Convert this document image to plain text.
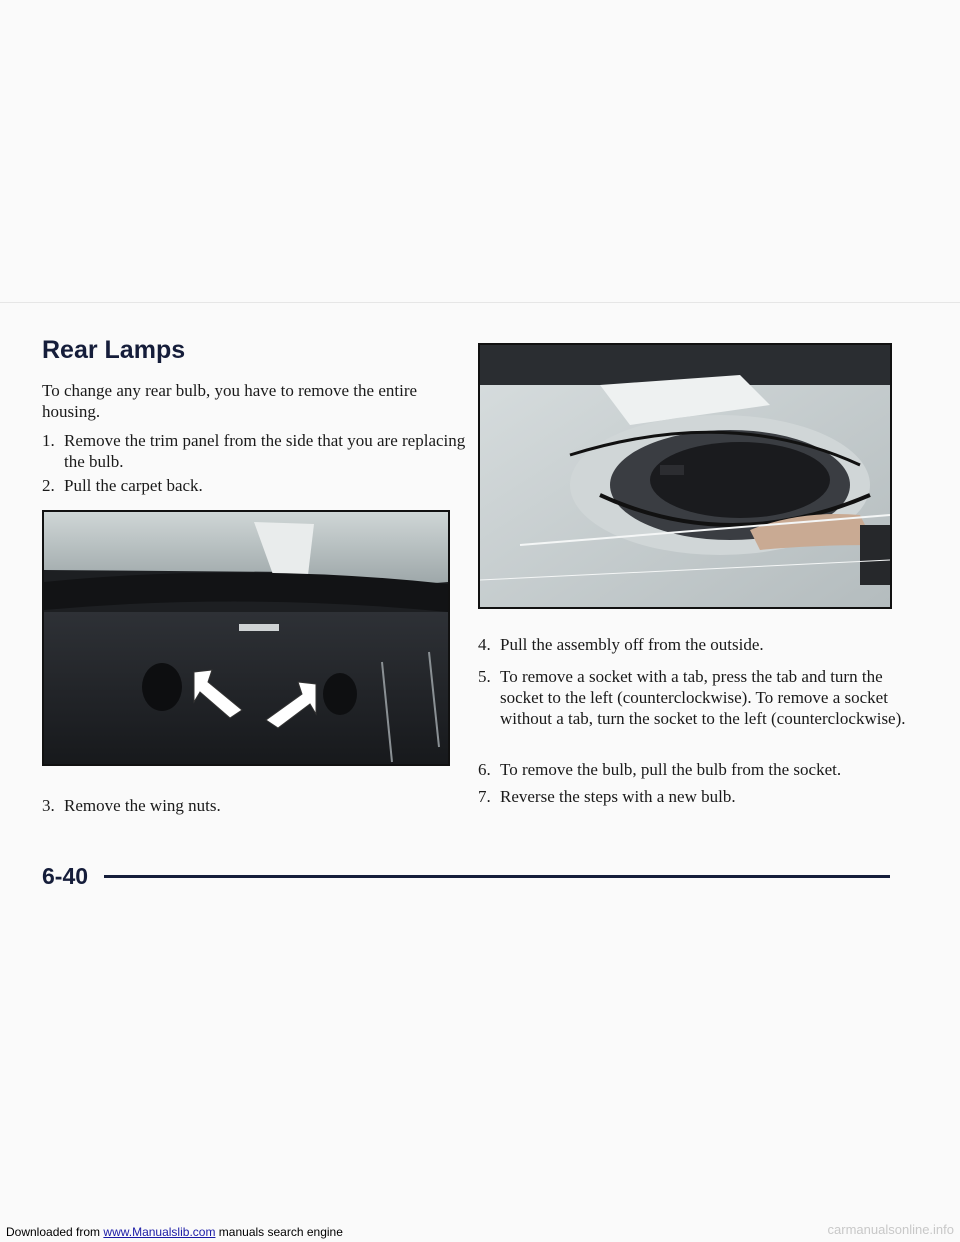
Rear Lamps

To change any rear bulb, you have to remove the entire housing.

1. Remove the trim panel from the side that you are replacing the bulb.

2. Pull the carpet back.

3. Remove the wing nuts.

4. Pull the assembly off from the outside.

5. To remove a socket with a tab, press the tab and turn the socket to the left (counterclockwise). To remove a socket without a tab, turn the socket to the left (counterclockwise).

6. To remove the bulb, pull the bulb from the socket.

7. Reverse the steps with a new bulb.

6-40
Downloaded from www.Manualslib.com manuals search engine	carmanualsonline.info
